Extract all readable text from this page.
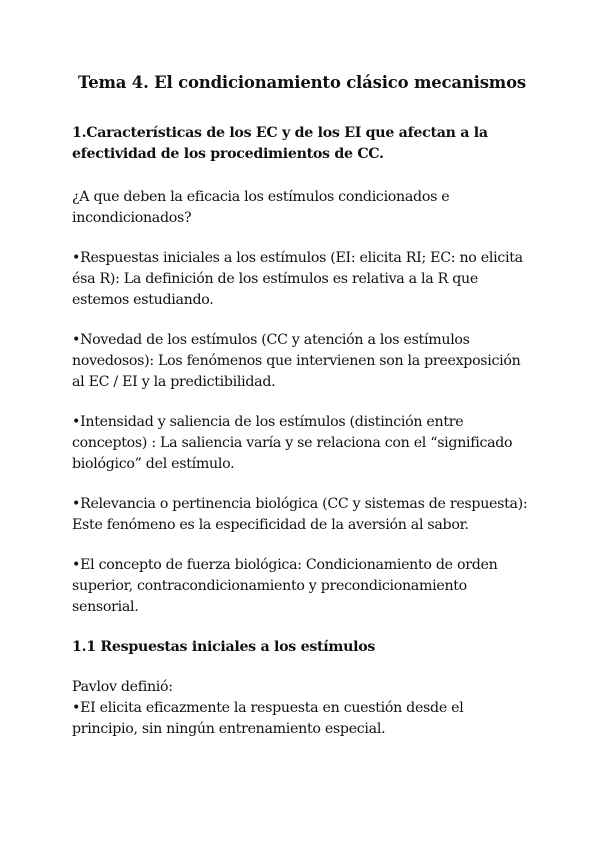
Tema 4. El condicionamiento clásico mecanismos
1.Características de los EC y de los EI que afectan a la efectividad de los procedimientos de CC.
¿A que deben la eficacia los estímulos condicionados e incondicionados?
•Respuestas iniciales a los estímulos (EI: elicita RI; EC: no elicita ésa R): La definición de los estímulos es relativa a la R que estemos estudiando.
•Novedad de los estímulos (CC y atención a los estímulos novedosos): Los fenómenos que intervienen son la preexposición al EC / EI y la predictibilidad.
•Intensidad y saliencia de los estímulos (distinción entre conceptos) : La saliencia varía y se relaciona con el “significado biológico” del estímulo.
•Relevancia o pertinencia biológica (CC y sistemas de respuesta): Este fenómeno es la especificidad de la aversión al sabor.
•El concepto de fuerza biológica: Condicionamiento de orden superior, contracondicionamiento y precondicionamiento sensorial.
1.1 Respuestas iniciales a los estímulos
Pavlov definió:
•EI elicita eficazmente la respuesta en cuestión desde el principio, sin ningún entrenamiento especial.
